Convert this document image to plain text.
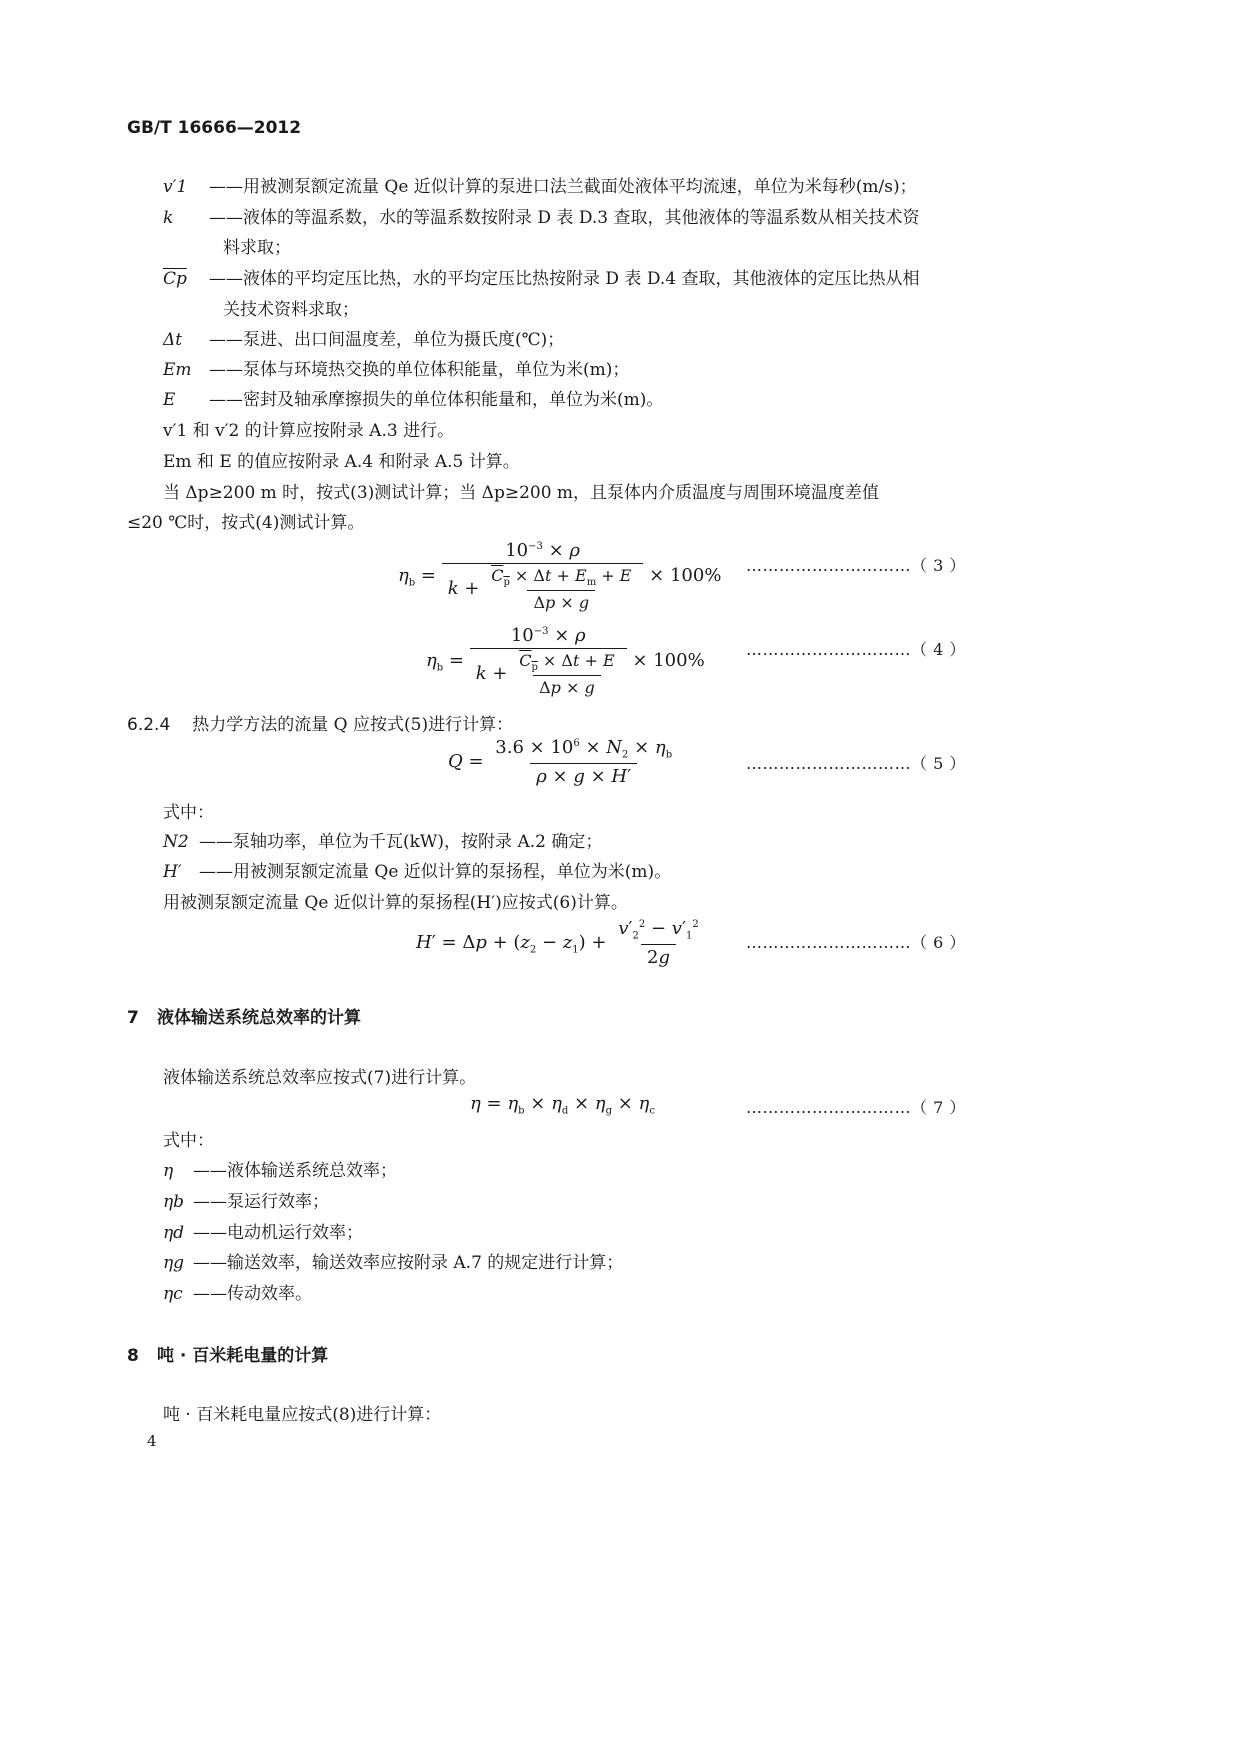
GB/T 16666—2012
v′1 ——用被测泵额定流量 Qe 近似计算的泵进口法兰截面处液体平均流速，单位为米每秒(m/s)；
k ——液体的等温系数，水的等温系数按附录 D 表 D.3 查取，其他液体的等温系数从相关技术资
料求取；
$\overline{Cp}$ ——液体的平均定压比热，水的平均定压比热按附录 D 表 D.4 查取，其他液体的定压比热从相
关技术资料求取；
Δt ——泵进、出口间温度差，单位为摄氏度(℃)；
Em ——泵体与环境热交换的单位体积能量，单位为米(m)；
E ——密封及轴承摩擦损失的单位体积能量和，单位为米(m)。
v′1 和 v′2 的计算应按附录 A.3 进行。
Em 和 E 的值应按附录 A.4 和附录 A.5 计算。
当 Δp≥200 m 时，按式(3)测试计算；当 Δp≥200 m，且泵体内介质温度与周围环境温度差值
≤20 ℃时，按式(4)测试计算。
$\eta_b = \frac{10^{-3} \times \rho}{k + \frac{C_p \times \Delta t + E_m + E}{\Delta p \times g}} \times 100\%$ …………………………（ 3 ）
$\eta_b = \frac{10^{-3} \times \rho}{k + \frac{C_p \times \Delta t + E}{\Delta p \times g}} \times 100\%$
…………………………（ 4 ）
6.2.4 热力学方法的流量 Q 应按式(5)进行计算：
$Q = \frac{3.6 \times 10^6 \times N_2 \times \eta_b}{\rho \times g \times H'}$	…………………………（ 5 ）
式中：
N2 ——泵轴功率，单位为千瓦(kW)，按附录 A.2 确定；
H′ ——用被测泵额定流量 Qe 近似计算的泵扬程，单位为米(m)。
用被测泵额定流量 Qe 近似计算的泵扬程(H′)应按式(6)计算。
$H' = \Delta p + (z_2 - z_1) + \frac{v'_2^2 - v'_1^2}{2g}$	…………………………（ 6 ）
7 液体输送系统总效率的计算
液体输送系统总效率应按式(7)进行计算。
$\eta = \eta_b \times \eta_d \times \eta_g \times \eta_c$	…………………………（ 7 ）
式中：
η ——液体输送系统总效率；
ηb ——泵运行效率；
ηd ——电动机运行效率；
ηg ——输送效率，输送效率应按附录 A.7 的规定进行计算；
ηc ——传动效率。
8 吨 · 百米耗电量的计算
吨 · 百米耗电量应按式(8)进行计算：
4
